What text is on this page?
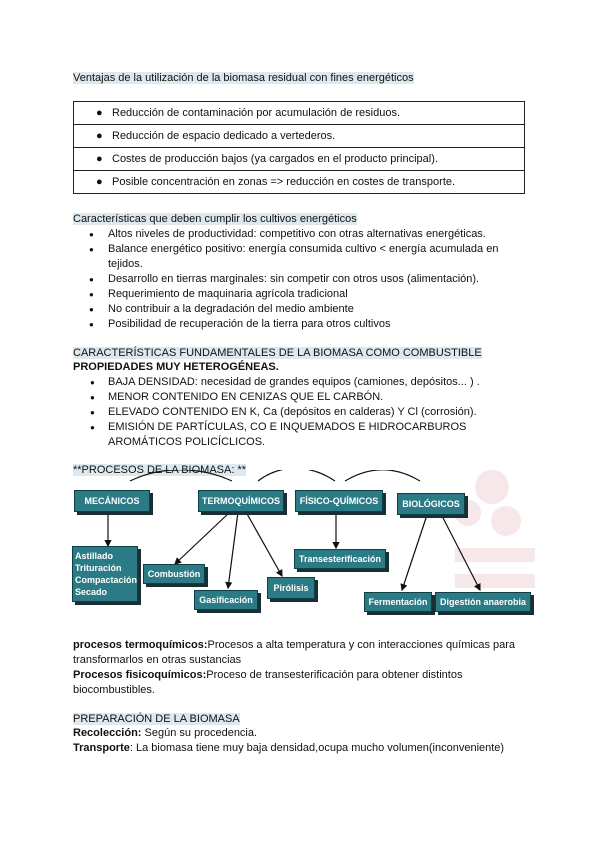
Ventajas de la utilización de la biomasa residual con fines energéticos
● Reducción de contaminación por acumulación de residuos.
● Reducción de espacio dedicado a vertederos.
● Costes de producción bajos (ya cargados en el producto principal).
● Posible concentración en zonas => reducción en costes de transporte.
Características que deben cumplir los cultivos energéticos
● Altos niveles de productividad: competitivo con otras alternativas energéticas.
● Balance energético positivo: energía consumida cultivo < energía acumulada en tejidos.
● Desarrollo en tierras marginales: sin competir con otros usos (alimentación).
● Requerimiento de maquinaria agrícola tradicional
● No contribuir a la degradación del medio ambiente
● Posibilidad de recuperación de la tierra para otros cultivos
CARACTERÍSTICAS FUNDAMENTALES DE LA BIOMASA COMO COMBUSTIBLE
PROPIEDADES MUY HETEROGÉNEAS.
● BAJA DENSIDAD: necesidad de grandes equipos (camiones, depósitos... ) .
● MENOR CONTENIDO EN CENIZAS QUE EL CARBÓN.
● ELEVADO CONTENIDO EN K, Ca (depósitos en calderas) Y Cl (corrosión).
● EMISIÓN DE PARTÍCULAS, CO E INQUEMADOS E HIDROCARBUROS AROMÁTICOS POLICÍCLICOS.
**PROCESOS DE LA BIOMASA: **
MECÁNICOS	TERMOQUÍMICOS	FÍSICO-QUÍMICOS	BIOLÓGICOS
Astillado
Trituración
Compactación
Secado
Combustión
Gasificación
Pirólisis
Transesterificación
Fermentación	Digestión anaerobia
procesos termoquímicos:Procesos a alta temperatura y con interacciones químicas para transformarlos en otras sustancias
Procesos fisicoquímicos:Proceso de transesterificación para obtener distintos biocombustibles.
PREPARACIÓN DE LA BIOMASA
Recolección: Según su procedencia.
Transporte: La biomasa tiene muy baja densidad,ocupa mucho volumen(inconveniente)
